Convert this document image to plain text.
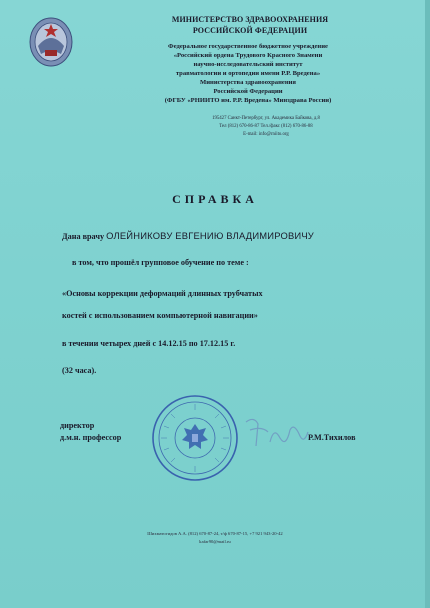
МИНИСТЕРСТВО ЗДРАВООХРАНЕНИЯ
РОССИЙСКОЙ ФЕДЕРАЦИИ
Федеральное государственное бюджетное учреждение
«Российский ордена Трудового Красного Знамени
научно-исследовательский институт
травматологии и ортопедии имени Р.Р. Вредена»
Министерства здравоохранения
Российской Федерации
(ФГБУ «РНИИТО им. Р.Р. Вредена» Минздрава России)
195427 Санкт-Петербург, ул. Академика Байкова, д.8
Тел (812) 670-86-87 Тел./факс (812) 670-86-88
E-mail: info@rniito.org
СПРАВКА
Дана врачу ОЛЕЙНИКОВУ ЕВГЕНИЮ ВЛАДИМИРОВИЧУ
в том, что прошёл групповое обучение по теме :
«Основы коррекции деформаций длинных трубчатых
костей с использованием компьютерной навигации»
в течении четырех дней с 14.12.15 по 17.12.15 г.
(32 часа).
директор
д.м.н. профессор	Р.М.Тихилов
Шихматогидов А.А. (812) 670-87-24, т/ф 670-87-15, +7 921 943-20-42
kafar90@mail.ru
